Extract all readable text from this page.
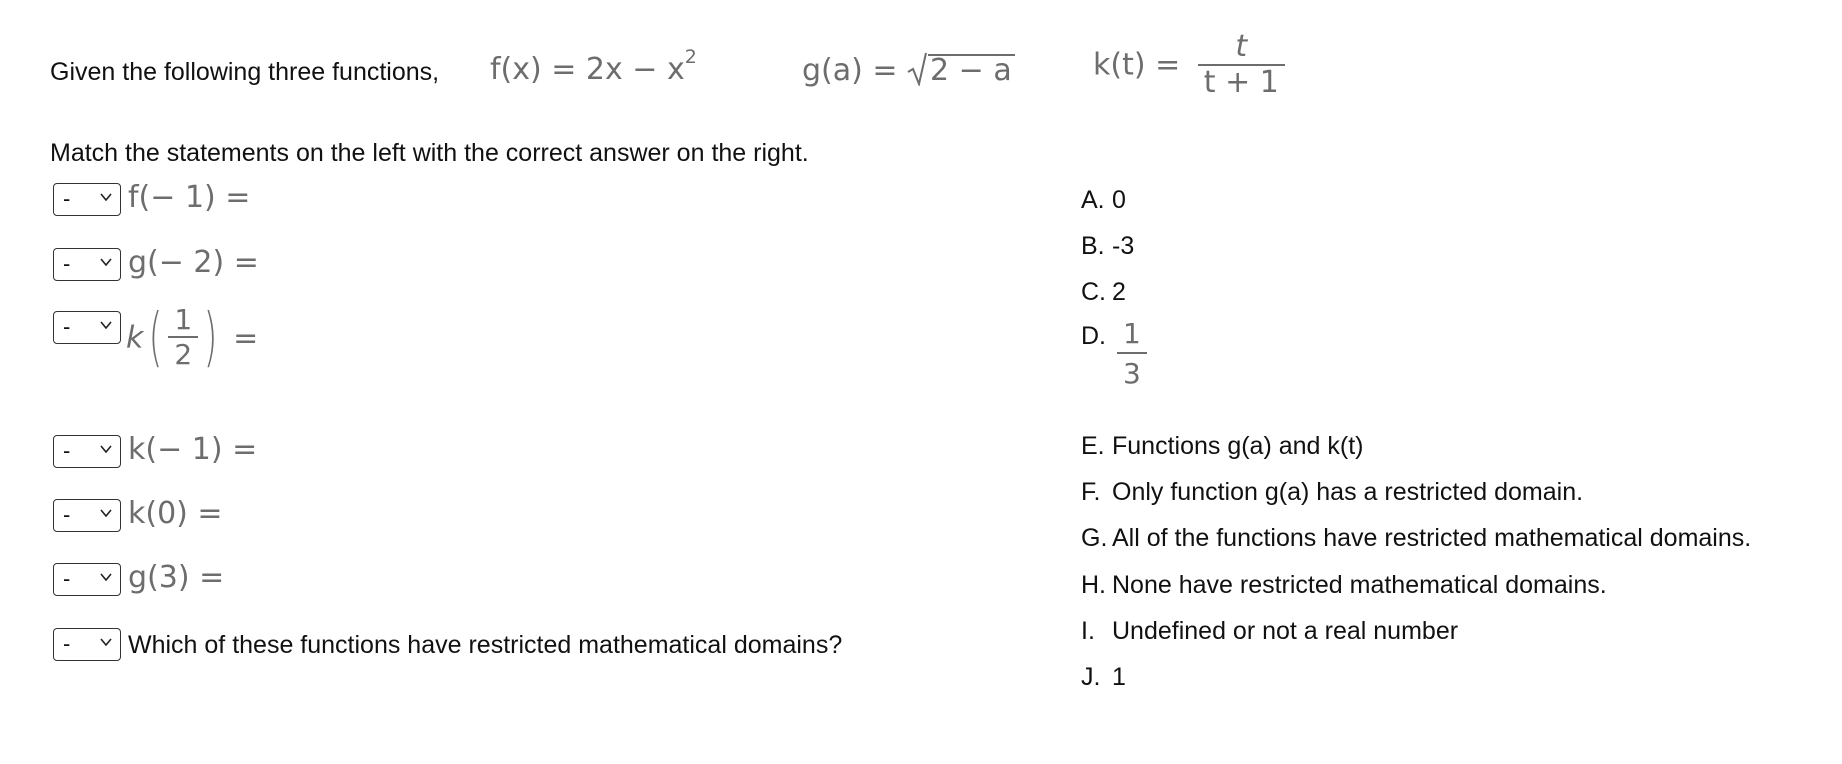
Given the following three functions, $f(x) = 2x - x^2$	g(a) = 2 − a	$k(t) = \frac{t}{t + 1}$
Match the statements on the left with the correct answer on the right.
- f(− 1) =
- g(− 2) =
- $k( \frac{1}{2}$ ) =
- k(− 1) =
- k(0) =
- g(3) =
- Which of these functions have restricted mathematical domains?
A. 0
B. -3
C. 2
D. $\frac{1}{3}$
E. Functions g(a) and k(t)
F. Only function g(a) has a restricted domain.
G. All of the functions have restricted mathematical domains.
H. None have restricted mathematical domains.
I. Undefined or not a real number
J. 1
